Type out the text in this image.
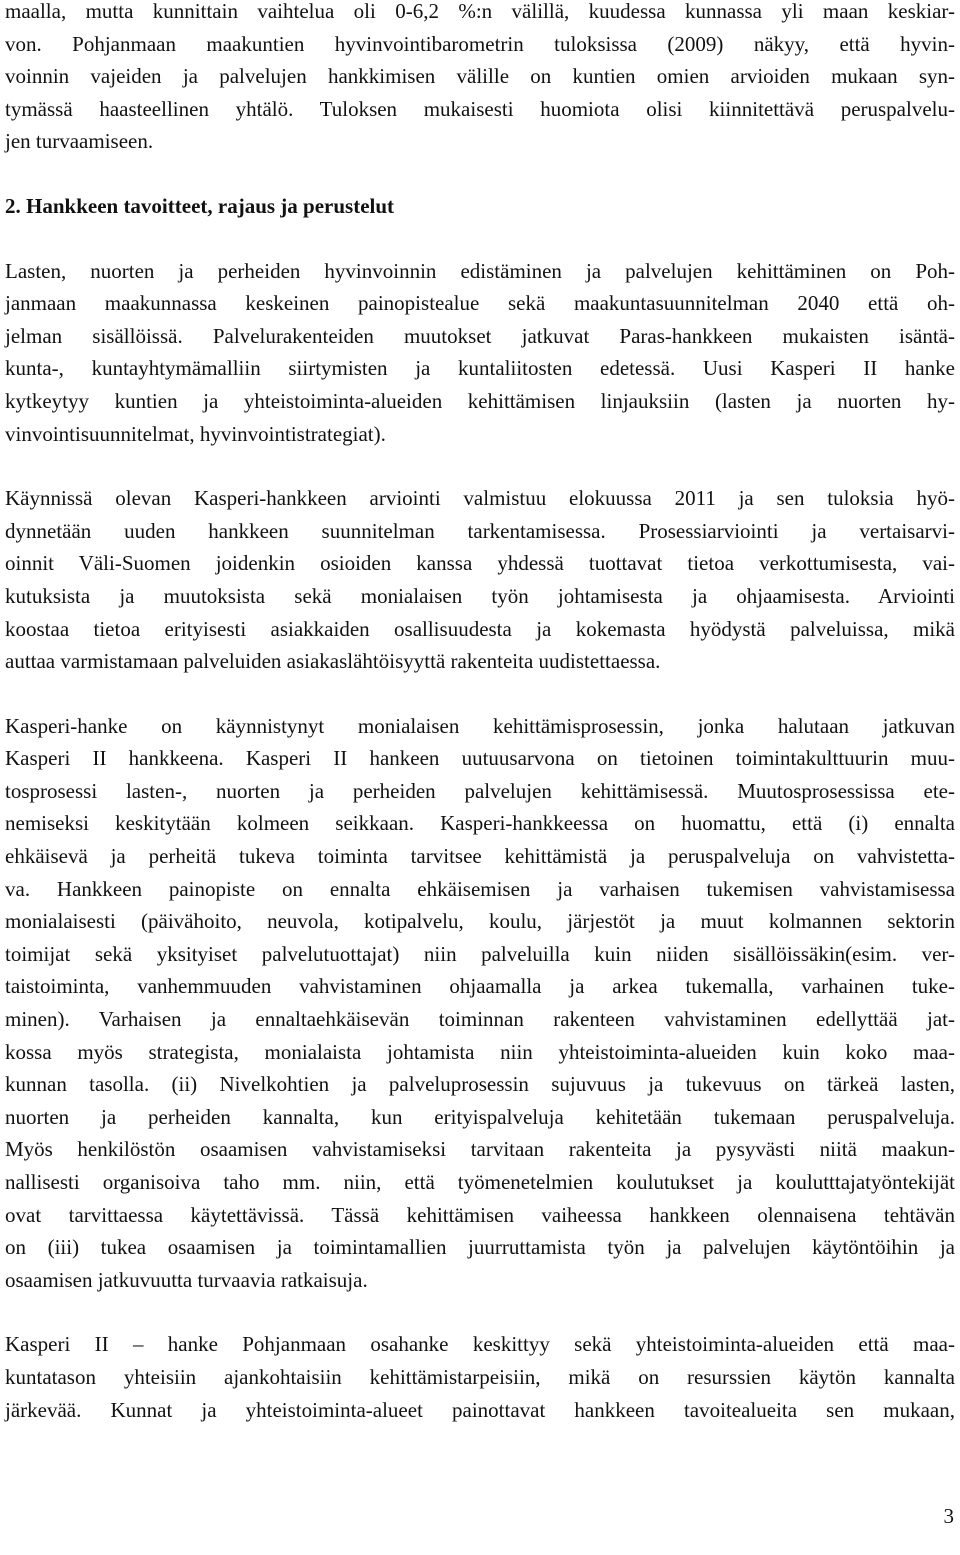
maalla, mutta kunnittain vaihtelua oli 0-6,2 %:n välillä, kuudessa kunnassa yli maan keskiar-
von. Pohjanmaan maakuntien hyvinvointibarometrin tuloksissa (2009) näkyy, että hyvin-
voinnin vajeiden ja palvelujen hankkimisen välille on kuntien omien arvioiden mukaan syn-
tymässä haasteellinen yhtälö. Tuloksen mukaisesti huomiota olisi kiinnitettävä peruspalvelu-
jen turvaamiseen.

2. Hankkeen tavoitteet, rajaus ja perustelut

Lasten, nuorten ja perheiden hyvinvoinnin edistäminen ja palvelujen kehittäminen on Poh-
janmaan maakunnassa keskeinen painopistealue sekä maakuntasuunnitelman 2040 että oh-
jelman sisällöissä. Palvelurakenteiden muutokset jatkuvat Paras-hankkeen mukaisten isäntä-
kunta-, kuntayhtymämalliin siirtymisten ja kuntaliitosten edetessä. Uusi Kasperi II hanke
kytkeytyy kuntien ja yhteistoiminta-alueiden kehittämisen linjauksiin (lasten ja nuorten hy-
vinvointisuunnitelmat, hyvinvointistrategiat).

Käynnissä olevan Kasperi-hankkeen arviointi valmistuu elokuussa 2011 ja sen tuloksia hyö-
dynnetään uuden hankkeen suunnitelman tarkentamisessa. Prosessiarviointi ja vertaisarvi-
oinnit Väli-Suomen joidenkin osioiden kanssa yhdessä tuottavat tietoa verkottumisesta, vai-
kutuksista ja muutoksista sekä monialaisen työn johtamisesta ja ohjaamisesta. Arviointi
koostaa tietoa erityisesti asiakkaiden osallisuudesta ja kokemasta hyödystä palveluissa, mikä
auttaa varmistamaan palveluiden asiakaslähtöisyyttä rakenteita uudistettaessa.

Kasperi-hanke on käynnistynyt monialaisen kehittämisprosessin, jonka halutaan jatkuvan
Kasperi II hankkeena. Kasperi II hankeen uutuusarvona on tietoinen toimintakulttuurin muu-
tosprosessi lasten-, nuorten ja perheiden palvelujen kehittämisessä. Muutosprosessissa ete-
nemiseksi keskitytään kolmeen seikkaan. Kasperi-hankkeessa on huomattu, että (i) ennalta
ehkäisevä ja perheitä tukeva toiminta tarvitsee kehittämistä ja peruspalveluja on vahvistetta-
va. Hankkeen painopiste on ennalta ehkäisemisen ja varhaisen tukemisen vahvistamisessa
monialaisesti (päivähoito, neuvola, kotipalvelu, koulu, järjestöt ja muut kolmannen sektorin
toimijat sekä yksityiset palvelutuottajat) niin palveluilla kuin niiden sisällöissäkin(esim. ver-
taistoiminta, vanhemmuuden vahvistaminen ohjaamalla ja arkea tukemalla, varhainen tuke-
minen). Varhaisen ja ennaltaehkäisevän toiminnan rakenteen vahvistaminen edellyttää jat-
kossa myös strategista, monialaista johtamista niin yhteistoiminta-alueiden kuin koko maa-
kunnan tasolla. (ii) Nivelkohtien ja palveluprosessin sujuvuus ja tukevuus on tärkeä lasten,
nuorten ja perheiden kannalta, kun erityispalveluja kehitetään tukemaan peruspalveluja.
Myös henkilöstön osaamisen vahvistamiseksi tarvitaan rakenteita ja pysyvästi niitä maakun-
nallisesti organisoiva taho mm. niin, että työmenetelmien koulutukset ja koulutttajatyöntekijät
ovat tarvittaessa käytettävissä. Tässä kehittämisen vaiheessa hankkeen olennaisena tehtävän
on (iii) tukea osaamisen ja toimintamallien juurruttamista työn ja palvelujen käytöntöihin ja
osaamisen jatkuvuutta turvaavia ratkaisuja.

Kasperi II – hanke Pohjanmaan osahanke keskittyy sekä yhteistoiminta-alueiden että maa-
kuntatason yhteisiin ajankohtaisiin kehittämistarpeisiin, mikä on resurssien käytön kannalta
järkevää. Kunnat ja yhteistoiminta-alueet painottavat hankkeen tavoitealueita sen mukaan,

3
